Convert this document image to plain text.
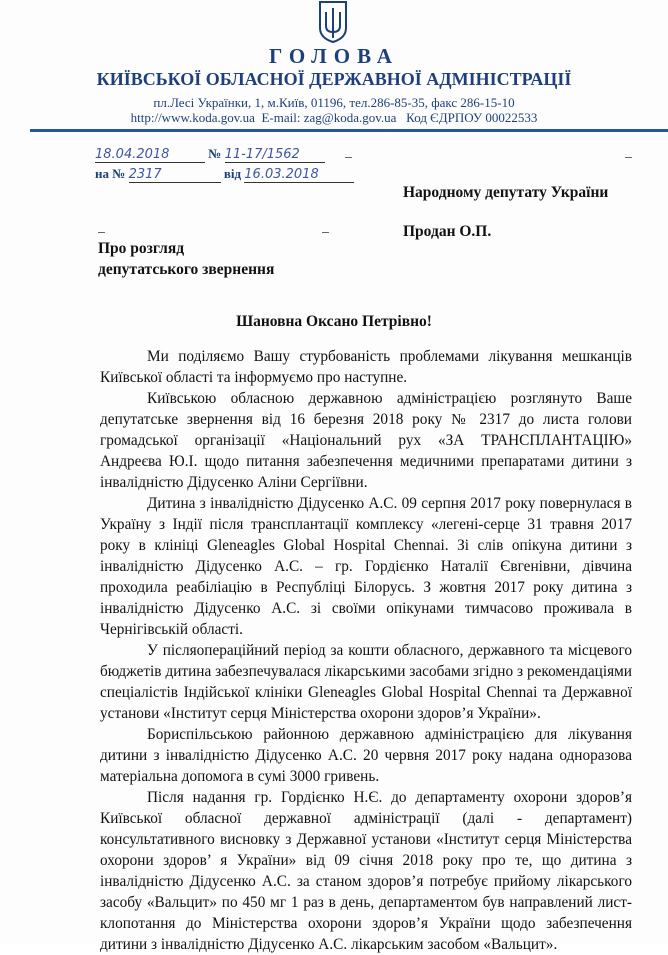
ГОЛОВА
КИЇВСЬКОЇ ОБЛАСНОЇ ДЕРЖАВНОЇ АДМІНІСТРАЦІЇ
пл.Лесі Українки, 1, м.Київ, 01196, тел.286-85-35, факс 286-15-10
http://www.koda.gov.ua E-mail: zag@koda.gov.ua Код ЄДРПОУ 00022533
18.04.2018	№ 11-17/1562
на № 2317	від 16.03.2018
Народному депутату України
Продан О.П.
Про розгляд
депутатського звернення
Шановна Оксано Петрівно!

Ми поділяємо Вашу стурбованість проблемами лікування мешканців Київської області та інформуємо про наступне.

Київською обласною державною адміністрацією розглянуто Ваше депутатське звернення від 16 березня 2018 року № 2317 до листа голови громадської організації «Національний рух «ЗА ТРАНСПЛАНТАЦІЮ» Андреєва Ю.І. щодо питання забезпечення медичними препаратами дитини з інвалідністю Дідусенко Аліни Сергіївни.

Дитина з інвалідністю Дідусенко А.С. 09 серпня 2017 року повернулася в Україну з Індії після трансплантації комплексу «легені-серце 31 травня 2017 року в клініці Gleneagles Global Hospital Chennai. Зі слів опікуна дитини з інвалідністю Дідусенко А.С. – гр. Гордієнко Наталії Євгенівни, дівчина проходила реабіліацію в Республіці Білорусь. З жовтня 2017 року дитина з інвалідністю Дідусенко А.С. зі своїми опікунами тимчасово проживала в Чернігівській області.

У післяопераційний період за кошти обласного, державного та місцевого бюджетів дитина забезпечувалася лікарськими засобами згідно з рекомендаціями спеціалістів Індійської клініки Gleneagles Global Hospital Chennai та Державної установи «Інститут серця Міністерства охорони здоров’я України».

Бориспільською районною державною адміністрацією для лікування дитини з інвалідністю Дідусенко А.С. 20 червня 2017 року надана одноразова матеріальна допомога в сумі 3000 гривень.

Після надання гр. Гордієнко Н.Є. до департаменту охорони здоров’я Київської обласної державної адміністрації (далі - департамент) консультативного висновку з Державної установи «Інститут серця Міністерства охорони здоров’ я України» від 09 січня 2018 року про те, що дитина з інвалідністю Дідусенко А.С. за станом здоров’я потребує прийому лікарського засобу «Вальцит» по 450 мг 1 раз в день, департаментом був направлений лист-клопотання до Міністерства охорони здоров’я України щодо забезпечення дитини з інвалідністю Дідусенко А.С. лікарським засобом «Вальцит».
